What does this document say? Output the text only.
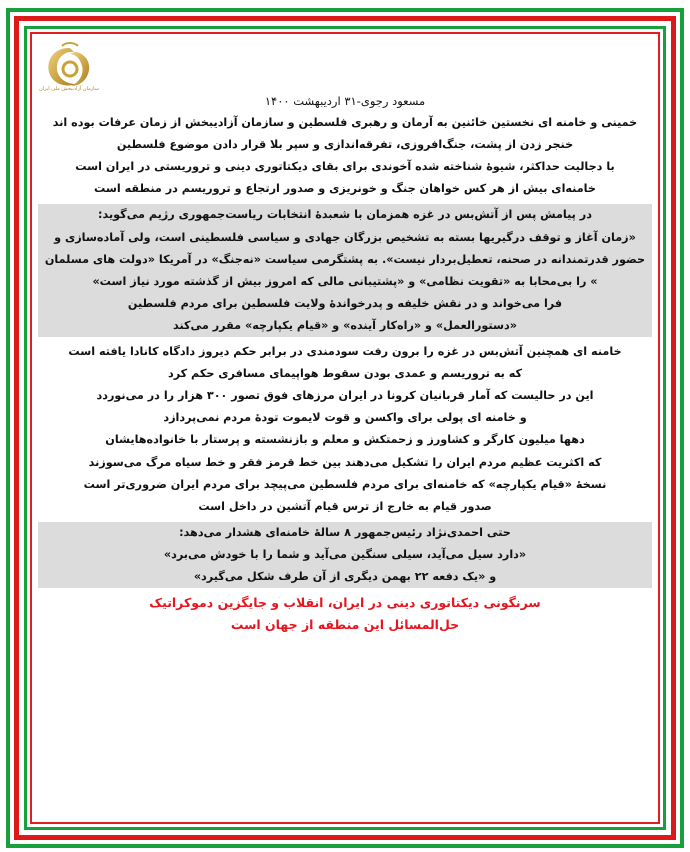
سازمان آزادیبخش ملی ایران
مسعود رجوی-۳۱ اردیبهشت ۱۴۰۰
خمینی و خامنه ای نخستین خائنین به آرمان و رهبری فلسطین و سازمان آزادیبخش از زمان عرفات بوده اند
خنجر زدن از پشت، جنگ‌افروزی، تفرقه‌اندازی و سپر بلا قرار دادن موضوع فلسطین
با دجالیت حداکثر، شیوهٔ شناخته شده آخوندی برای بقای دیکتاتوری دینی و تروریستی در ایران است
خامنه‌ای بیش از هر کس خواهان جنگ و خونریزی و صدور ارتجاع و تروریسم در منطقه است
در پیامش پس از آتش‌بس در غزه همزمان با شعبدهٔ انتخابات ریاست‌جمهوری رژیم می‌گوید:
«زمان آغاز و توقف درگیریها بسته به تشخیص بزرگان جهادی و سیاسی فلسطینی است، ولی آماده‌سازی و
حضور قدرتمندانه در صحنه، تعطیل‌بردار نیست». به پشتگرمی سیاست «نه‌جنگ» در آمریکا «دولت های مسلمان
» را بی‌محابا به «تقویت نظامی» و «پشتیبانی مالی که امروز بیش از گذشته مورد نیاز است»
فرا می‌خواند و در نقش خلیفه و پدرخواندهٔ ولایت فلسطین برای مردم فلسطین
«دستورالعمل» و «راه‌کار آینده» و «قیام یکپارچه» مقرر می‌کند
خامنه ای همچنین آتش‌بس در غزه را برون رفت سودمندی در برابر حکم دیروز دادگاه کانادا یافته است
که به تروریسم و عمدی بودن سقوط هواپیمای مسافری حکم کرد
این در حالیست که آمار قربانیان کرونا در ایران مرزهای فوق تصور ۳۰۰ هزار را در می‌نوردد
و خامنه ای پولی برای واکسن و قوت لایموت تودهٔ مردم نمی‌پردازد
دهها میلیون کارگر و کشاورز و زحمتکش و معلم و بازنشسته و پرستار با خانواده‌هایشان
که اکثریت عظیم مردم ایران را تشکیل می‌دهند بین خط قرمز فقر و خط سیاه مرگ می‌سوزند
نسخهٔ «قیام یکپارچه» که خامنه‌ای برای مردم فلسطین می‌پیچد برای مردم ایران ضروری‌تر است
صدور قیام به خارج از ترس قیام آتشین در داخل است
حتی احمدی‌نژاد رئیس‌جمهور ۸ سالهٔ خامنه‌ای هشدار می‌دهد:
«دارد سیل می‌آید، سیلی سنگین می‌آید و شما را با خودش می‌برد»
و «یک دفعه ۲۲ بهمن دیگری از آن طرف شکل می‌گیرد»
سرنگونی دیکتاتوری دینی در ایران، انقلاب و جایگزین دموکراتیک
حل‌المسائل این منطقه از جهان است
